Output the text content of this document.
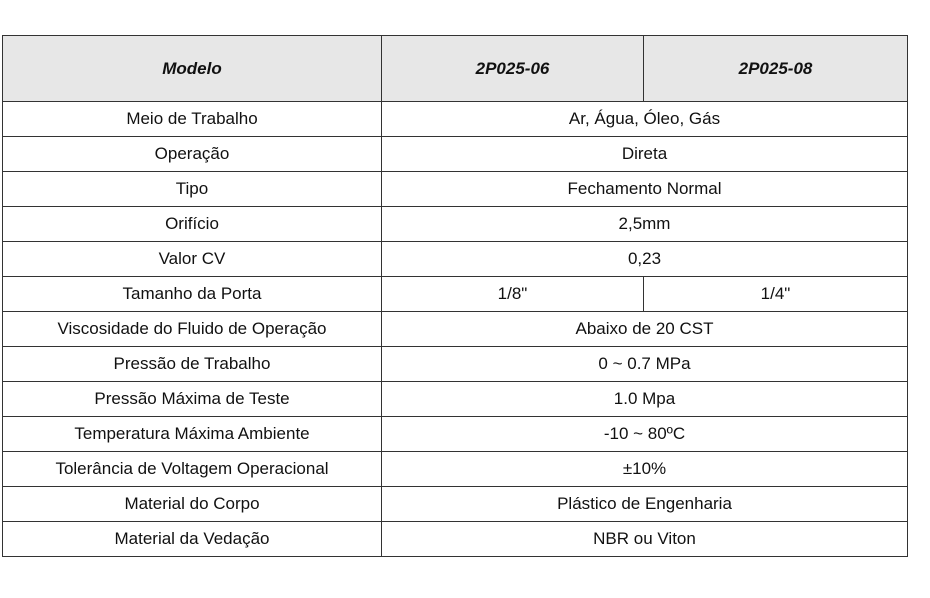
Modelo	2P025-06	2P025-08
Meio de Trabalho	Ar, Água, Óleo, Gás	
Operação	Direta	
Tipo	Fechamento Normal	
Orifício	2,5mm	
Valor CV	0,23	
Tamanho da Porta	1/8"	1/4"
Viscosidade do Fluido de Operação	Abaixo de 20 CST	
Pressão de Trabalho	0 ~ 0.7 MPa	
Pressão Máxima de Teste	1.0 Mpa	
Temperatura Máxima Ambiente	-10 ~ 80ºC	
Tolerância de Voltagem Operacional	±10%	
Material do Corpo	Plástico de Engenharia	
Material da Vedação	NBR ou Viton	
